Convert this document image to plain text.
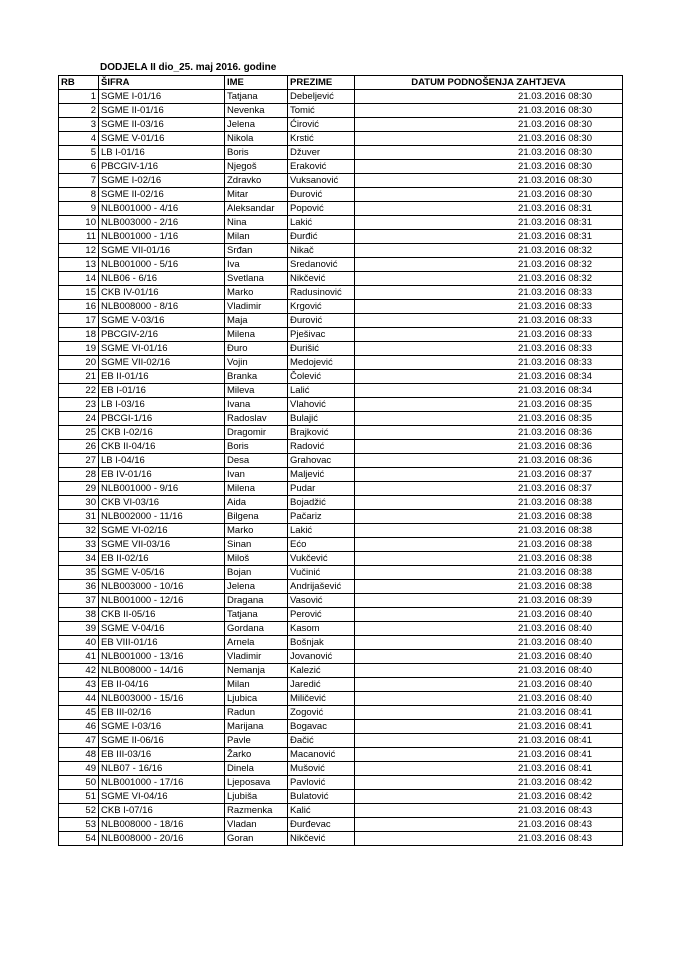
DODJELA II dio_25. maj 2016. godine
RB	ŠIFRA	IME	PREZIME	DATUM PODNOŠENJA ZAHTJEVA
1	SGME I-01/16	Tatjana	Debeljević	21.03.2016 08:30
2	SGME II-01/16	Nevenka	Tomić	21.03.2016 08:30
3	SGME II-03/16	Jelena	Ćirović	21.03.2016 08:30
4	SGME V-01/16	Nikola	Krstić	21.03.2016 08:30
5	LB I-01/16	Boris	Džuver	21.03.2016 08:30
6	PBCGIV-1/16	Njegoš	Eraković	21.03.2016 08:30
7	SGME I-02/16	Zdravko	Vuksanović	21.03.2016 08:30
8	SGME II-02/16	Mitar	Đurović	21.03.2016 08:30
9	NLB001000 - 4/16	Aleksandar	Popović	21.03.2016 08:31
10	NLB003000 - 2/16	Nina	Lakić	21.03.2016 08:31
11	NLB001000 - 1/16	Milan	Đurđić	21.03.2016 08:31
12	SGME VII-01/16	Srđan	Nikač	21.03.2016 08:32
13	NLB001000 - 5/16	Iva	Sredanović	21.03.2016 08:32
14	NLB06 - 6/16	Svetlana	Nikčević	21.03.2016 08:32
15	CKB IV-01/16	Marko	Radusinović	21.03.2016 08:33
16	NLB008000 - 8/16	Vladimir	Krgović	21.03.2016 08:33
17	SGME V-03/16	Maja	Đurović	21.03.2016 08:33
18	PBCGIV-2/16	Milena	Pješivac	21.03.2016 08:33
19	SGME VI-01/16	Đuro	Đurišić	21.03.2016 08:33
20	SGME VII-02/16	Vojin	Medojević	21.03.2016 08:33
21	EB II-01/16	Branka	Čolević	21.03.2016 08:34
22	EB I-01/16	Mileva	Lalić	21.03.2016 08:34
23	LB I-03/16	Ivana	Vlahović	21.03.2016 08:35
24	PBCGI-1/16	Radoslav	Bulajić	21.03.2016 08:35
25	CKB I-02/16	Dragomir	Brajković	21.03.2016 08:36
26	CKB II-04/16	Boris	Radović	21.03.2016 08:36
27	LB I-04/16	Desa	Grahovac	21.03.2016 08:36
28	EB IV-01/16	Ivan	Maljević	21.03.2016 08:37
29	NLB001000 - 9/16	Milena	Pudar	21.03.2016 08:37
30	CKB VI-03/16	Aida	Bojadžić	21.03.2016 08:38
31	NLB002000 - 11/16	Bilgena	Pačariz	21.03.2016 08:38
32	SGME VI-02/16	Marko	Lakić	21.03.2016 08:38
33	SGME VII-03/16	Sinan	Ećo	21.03.2016 08:38
34	EB II-02/16	Miloš	Vukčević	21.03.2016 08:38
35	SGME V-05/16	Bojan	Vučinić	21.03.2016 08:38
36	NLB003000 - 10/16	Jelena	Andrijašević	21.03.2016 08:38
37	NLB001000 - 12/16	Dragana	Vasović	21.03.2016 08:39
38	CKB II-05/16	Tatjana	Perović	21.03.2016 08:40
39	SGME V-04/16	Gordana	Kasom	21.03.2016 08:40
40	EB VIII-01/16	Arnela	Bošnjak	21.03.2016 08:40
41	NLB001000 - 13/16	Vladimir	Jovanović	21.03.2016 08:40
42	NLB008000 - 14/16	Nemanja	Kalezić	21.03.2016 08:40
43	EB II-04/16	Milan	Jaredić	21.03.2016 08:40
44	NLB003000 - 15/16	Ljubica	Miličević	21.03.2016 08:40
45	EB III-02/16	Radun	Zogović	21.03.2016 08:41
46	SGME I-03/16	Marijana	Bogavac	21.03.2016 08:41
47	SGME II-06/16	Pavle	Đačić	21.03.2016 08:41
48	EB III-03/16	Žarko	Macanović	21.03.2016 08:41
49	NLB07 - 16/16	Dinela	Mušović	21.03.2016 08:41
50	NLB001000 - 17/16	Ljeposava	Pavlović	21.03.2016 08:42
51	SGME VI-04/16	Ljubiša	Bulatović	21.03.2016 08:42
52	CKB I-07/16	Razmenka	Kalić	21.03.2016 08:43
53	NLB008000 - 18/16	Vladan	Đurđevac	21.03.2016 08:43
54	NLB008000 - 20/16	Goran	Nikčević	21.03.2016 08:43
